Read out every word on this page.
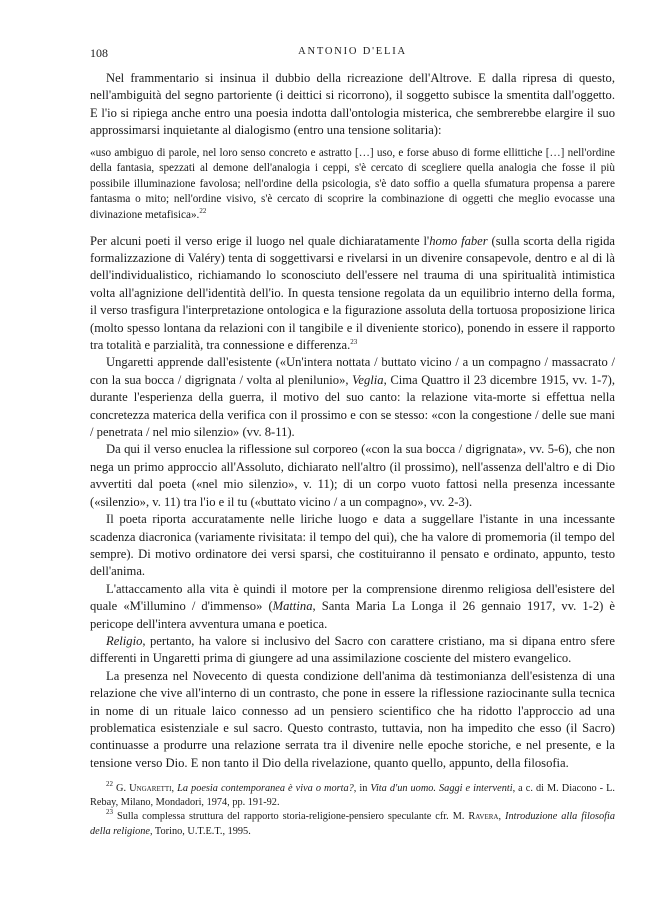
108	ANTONIO D'ELIA

Nel frammentario si insinua il dubbio della ricreazione dell'Altrove. E dalla ripresa di questo, nell'ambiguità del segno partoriente (i deittici si ricorrono), il soggetto subisce la smentita dall'oggetto. E l'io si ripiega anche entro una poesia indotta dall'ontologia misterica, che sembrerebbe elargire il suo approssimarsi inquietante al dialogismo (entro una tensione solitaria):

«uso ambiguo di parole, nel loro senso concreto e astratto […] uso, e forse abuso di forme ellittiche […] nell'ordine della fantasia, spezzati al demone dell'analogia i ceppi, s'è cercato di scegliere quella analogia che fosse il più possibile illuminazione favolosa; nell'ordine della psicologia, s'è dato soffio a quella sfumatura propensa a parere fantasma o mito; nell'ordine visivo, s'è cercato di scoprire la combinazione di oggetti che meglio evocasse una divinazione metafisica».$^{22}$

Per alcuni poeti il verso erige il luogo nel quale dichiaratamente l'homo faber (sulla scorta della rigida formalizzazione di Valéry) tenta di soggettivarsi e rivelarsi in un divenire consapevole, dentro e al di là dell'individualistico, richiamando lo sconosciuto dell'essere nel trauma di una spiritualità intimistica volta all'agnizione dell'identità dell'io. In questa tensione regolata da un equilibrio interno della forma, il verso trasfigura l'interpretazione ontologica e la figurazione assoluta della tortuosa proposizione lirica (molto spesso lontana da relazioni con il tangibile e il diveniente storico), ponendo in essere il rapporto tra totalità e parzialità, tra connessione e differenza.$^{23}$

Ungaretti apprende dall'esistente («Un'intera nottata / buttato vicino / a un compagno / massacrato / con la sua bocca / digrignata / volta al plenilunio», Veglia, Cima Quattro il 23 dicembre 1915, vv. 1-7), durante l'esperienza della guerra, il motivo del suo canto: la relazione vita-morte si effettua nella concretezza materica della verifica con il prossimo e con se stesso: «con la congestione / delle sue mani / penetrata / nel mio silenzio» (vv. 8-11).

Da qui il verso enuclea la riflessione sul corporeo («con la sua bocca / digrignata», vv. 5-6), che non nega un primo approccio all'Assoluto, dichiarato nell'altro (il prossimo), nell'assenza dell'altro e di Dio avvertiti dal poeta («nel mio silenzio», v. 11); di un corpo vuoto fattosi nella presenza incessante («silenzio», v. 11) tra l'io e il tu («buttato vicino / a un compagno», vv. 2-3).

Il poeta riporta accuratamente nelle liriche luogo e data a suggellare l'istante in una incessante scadenza diacronica (variamente rivisitata: il tempo del qui), che ha valore di promemoria (il tempo del sempre). Di motivo ordinatore dei versi sparsi, che costituiranno il pensato e ordinato, appunto, testo dell'anima.

L'attaccamento alla vita è quindi il motore per la comprensione direnmo religiosa dell'esistere del quale «M'illumino / d'immenso» (Mattina, Santa Maria La Longa il 26 gennaio 1917, vv. 1-2) è pericope dell'intera avventura umana e poetica.

Religio, pertanto, ha valore si inclusivo del Sacro con carattere cristiano, ma si dipana entro sfere differenti in Ungaretti prima di giungere ad una assimilazione cosciente del mistero evangelico.

La presenza nel Novecento di questa condizione dell'anima dà testimonianza dell'esistenza di una relazione che vive all'interno di un contrasto, che pone in essere la riflessione raziocinante sulla tecnica in nome di un rituale laico connesso ad un pensiero scientifico che ha ridotto l'approccio ad una problematica esistenziale e sul sacro. Questo contrasto, tuttavia, non ha impedito che esso (il Sacro) continuasse a produrre una relazione serrata tra il divenire nelle epoche storiche, e nel presente, e la tensione verso Dio. E non tanto il Dio della rivelazione, quanto quello, appunto, della filosofia.

$^{22}$ G. Ungaretti, La poesia contemporanea è viva o morta?, in Vita d'un uomo. Saggi e interventi, a c. di M. Diacono - L. Rebay, Milano, Mondadori, 1974, pp. 191-92.

$^{23}$ Sulla complessa struttura del rapporto storia-religione-pensiero speculante cfr. M. Ravera, Introduzione alla filosofia della religione, Torino, U.T.E.T., 1995.
